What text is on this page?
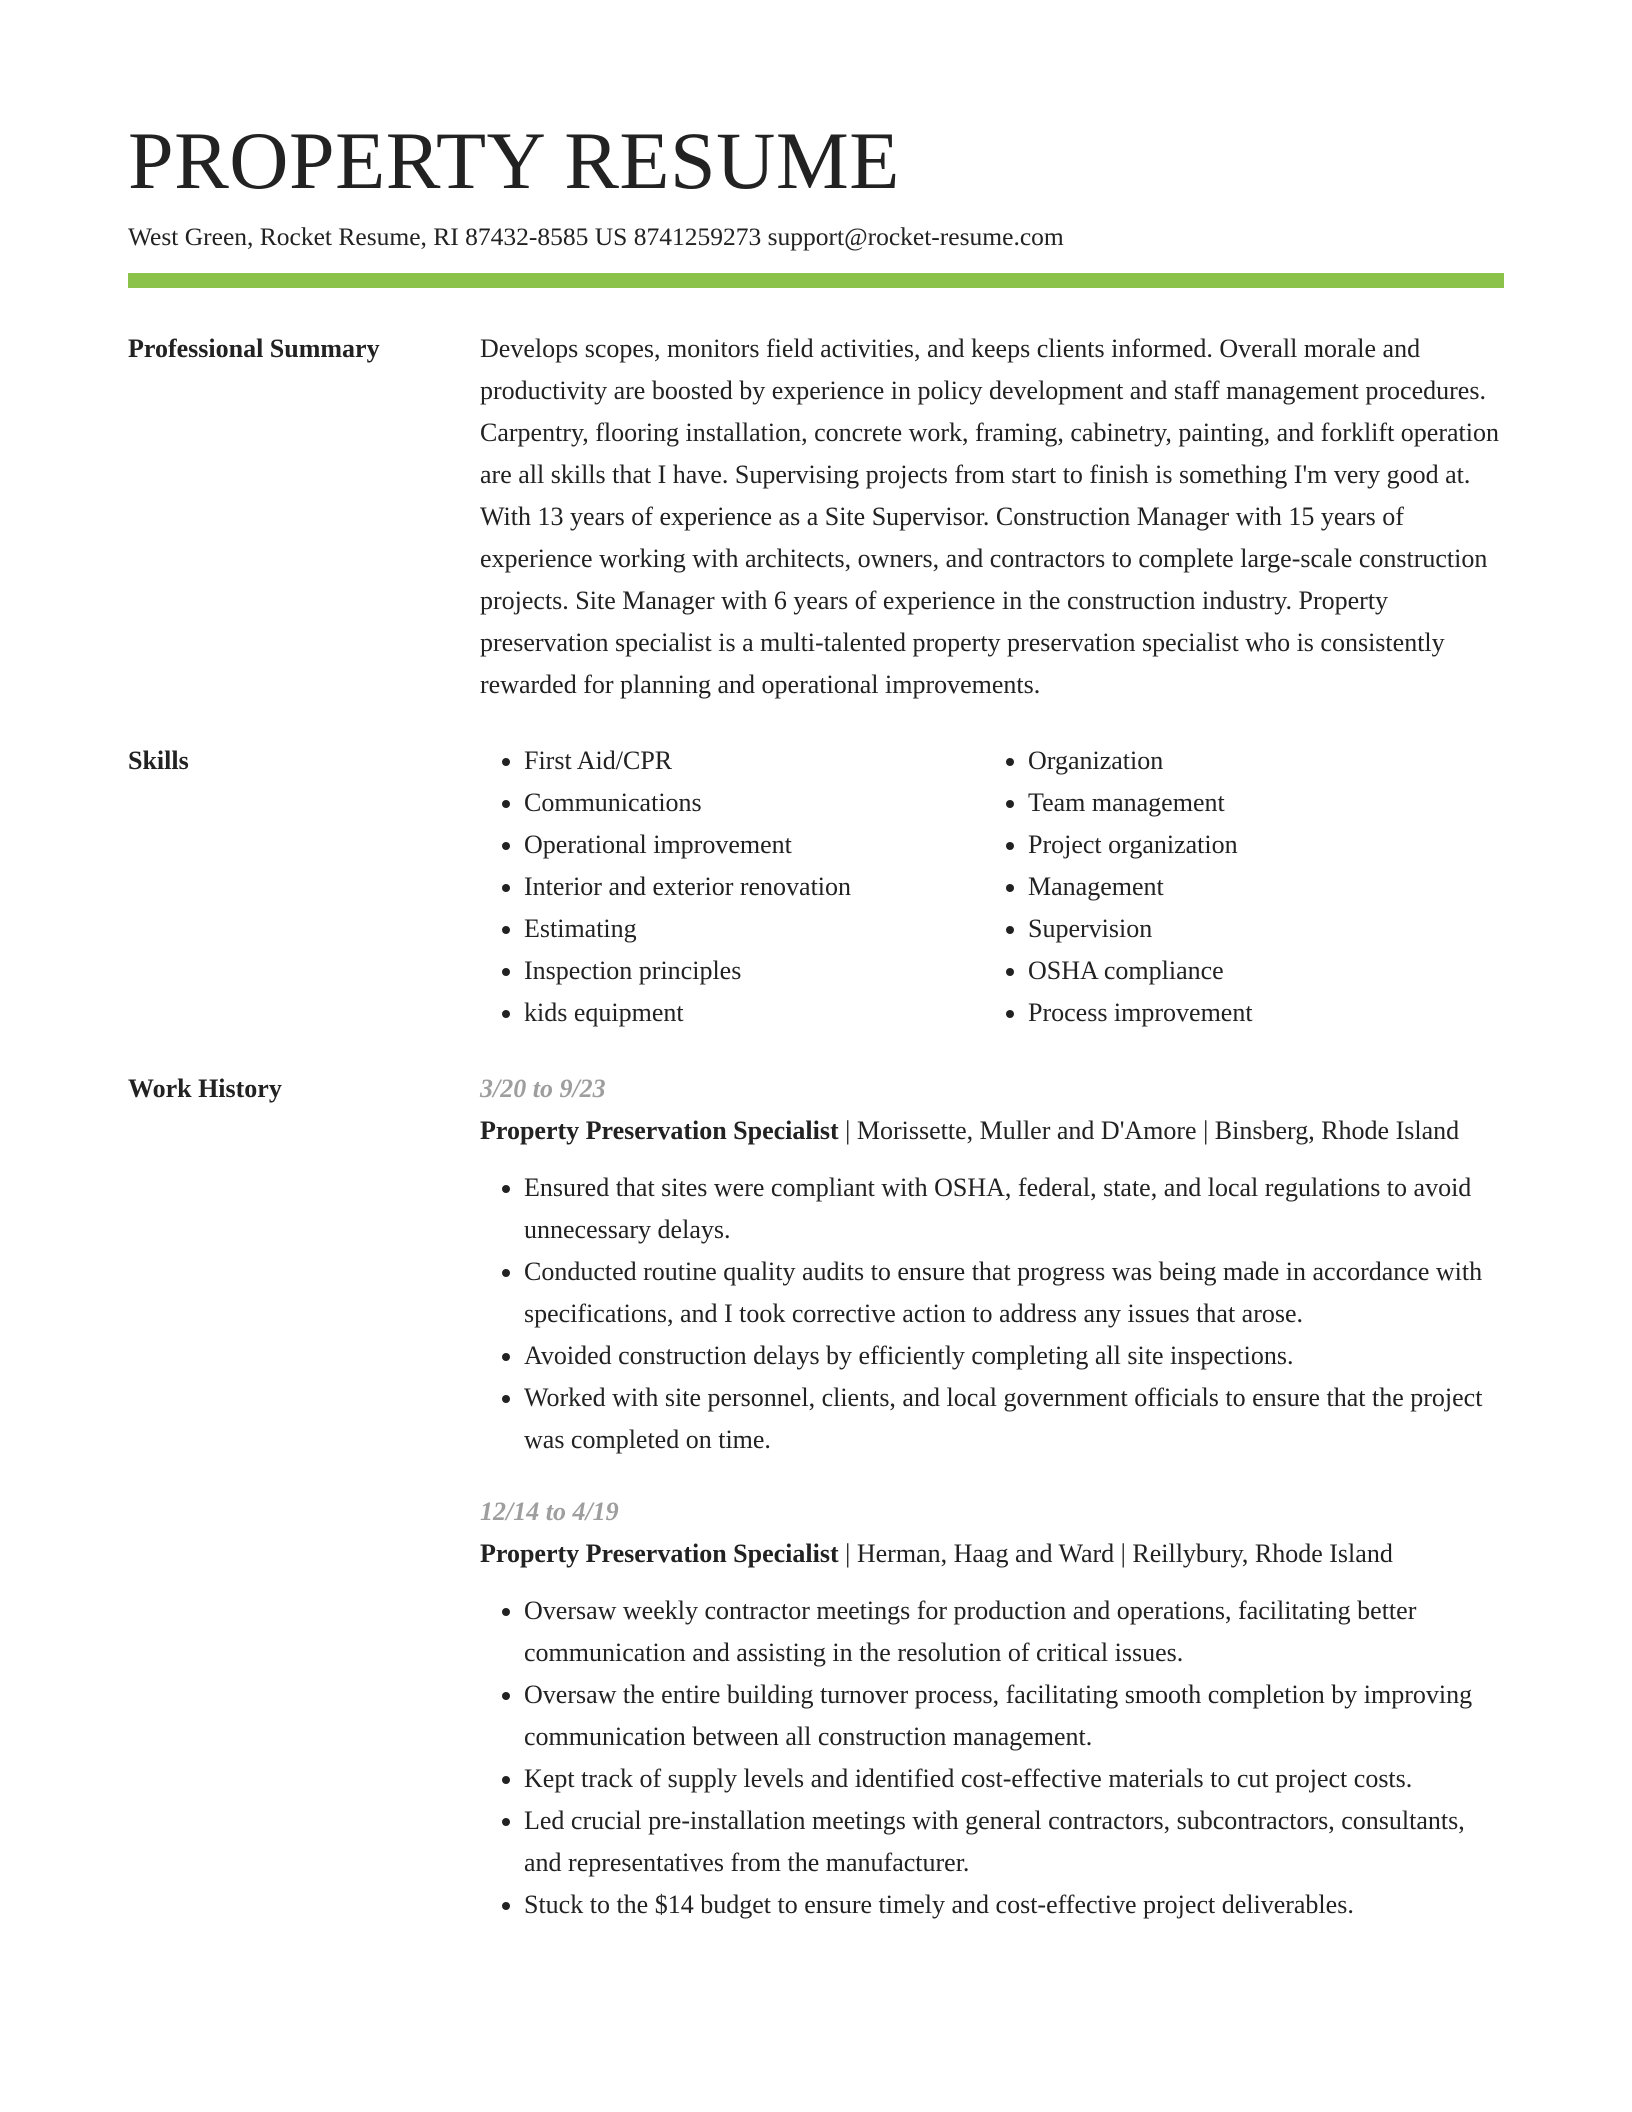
PROPERTY RESUME
West Green, Rocket Resume, RI 87432-8585 US 8741259273 support@rocket-resume.com
Professional Summary	Develops scopes, monitors field activities, and keeps clients informed. Overall morale and productivity are boosted by experience in policy development and staff management procedures. Carpentry, flooring installation, concrete work, framing, cabinetry, painting, and forklift operation are all skills that I have. Supervising projects from start to finish is something I'm very good at. With 13 years of experience as a Site Supervisor. Construction Manager with 15 years of experience working with architects, owners, and contractors to complete large-scale construction projects. Site Manager with 6 years of experience in the construction industry. Property preservation specialist is a multi-talented property preservation specialist who is consistently rewarded for planning and operational improvements.

Skills
•	First Aid/CPR
• Communications
• Operational improvement
• Interior and exterior renovation
• Estimating
• Inspection principles
• kids equipment
• Organization
• Team management
• Project organization
• Management
• Supervision
• OSHA compliance
• Process improvement
Work History	3/20 to 9/23
Property Preservation Specialist | Morissette, Muller and D'Amore | Binsberg, Rhode Island
• Ensured that sites were compliant with OSHA, federal, state, and local regulations to avoid unnecessary delays.
• Conducted routine quality audits to ensure that progress was being made in accordance with specifications, and I took corrective action to address any issues that arose.
• Avoided construction delays by efficiently completing all site inspections.
• Worked with site personnel, clients, and local government officials to ensure that the project was completed on time.
12/14 to 4/19
Property Preservation Specialist | Herman, Haag and Ward | Reillybury, Rhode Island
• Oversaw weekly contractor meetings for production and operations, facilitating better communication and assisting in the resolution of critical issues.
• Oversaw the entire building turnover process, facilitating smooth completion by improving communication between all construction management.
• Kept track of supply levels and identified cost-effective materials to cut project costs.
• Led crucial pre-installation meetings with general contractors, subcontractors, consultants, and representatives from the manufacturer.
• Stuck to the $14 budget to ensure timely and cost-effective project deliverables.
